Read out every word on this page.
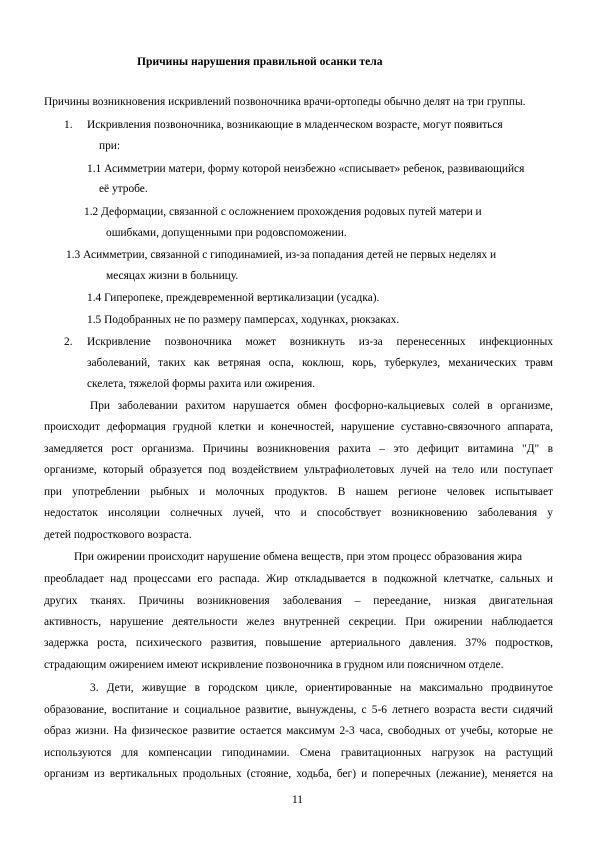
Причины нарушения правильной осанки тела
Причины возникновения искривлений позвоночника врачи-ортопеды обычно делят на три группы.
1. Искривления позвоночника, возникающие в младенческом возрасте, могут появиться
при:
1.1 Асимметрии матери, форму которой неизбежно «списывает» ребенок, развивающийся
её утробе.
1.2 Деформации, связанной с осложнением прохождения родовых путей матери и
ошибками, допущенными при родовспоможении.
1.3 Асимметрии, связанной с гиподинамией, из-за попадания детей не первых неделях и
месяцах жизни в больницу.
1.4 Гиперопеке, преждевременной вертикализации (усадка).
1.5 Подобранных не по размеру памперсах, ходунках, рюкзаках.
2. Искривление позвоночника может возникнуть из-за перенесенных инфекционных
заболеваний, таких как ветряная оспа, коклюш, корь, туберкулез, механических травм
скелета, тяжелой формы рахита или ожирения.
При заболевании рахитом нарушается обмен фосфорно-кальциевых солей в организме,
происходит деформация грудной клетки и конечностей, нарушение суставно-связочного аппарата,
замедляется рост организма. Причины возникновения рахита – это дефицит витамина "Д" в
организме, который образуется под воздействием ультрафиолетовых лучей на тело или поступает
при употреблении рыбных и молочных продуктов. В нашем регионе человек испытывает
недостаток инсоляции солнечных лучей, что и способствует возникновению заболевания у
детей подросткового возраста.
При ожирении происходит нарушение обмена веществ, при этом процесс образования жира
преобладает над процессами его распада. Жир откладывается в подкожной клетчатке, сальных и
других тканях. Причины возникновения заболевания – переедание, низкая двигательная
активность, нарушение деятельности желез внутренней секреции. При ожирении наблюдается
задержка роста, психического развития, повышение артериального давления. 37% подростков,
страдающим ожирением имеют искривление позвоночника в грудном или поясничном отделе.
3. Дети, живущие в городском цикле, ориентированные на максимально продвинутое
образование, воспитание и социальное развитие, вынуждены, с 5-6 летнего возраста вести сидячий
образ жизни. На физическое развитие остается максимум 2-3 часа, свободных от учебы, которые не
используются для компенсации гиподинамии. Смена гравитационных нагрузок на растущий
организм из вертикальных продольных (стояние, ходьба, бег) и поперечных (лежание), меняется на
11
